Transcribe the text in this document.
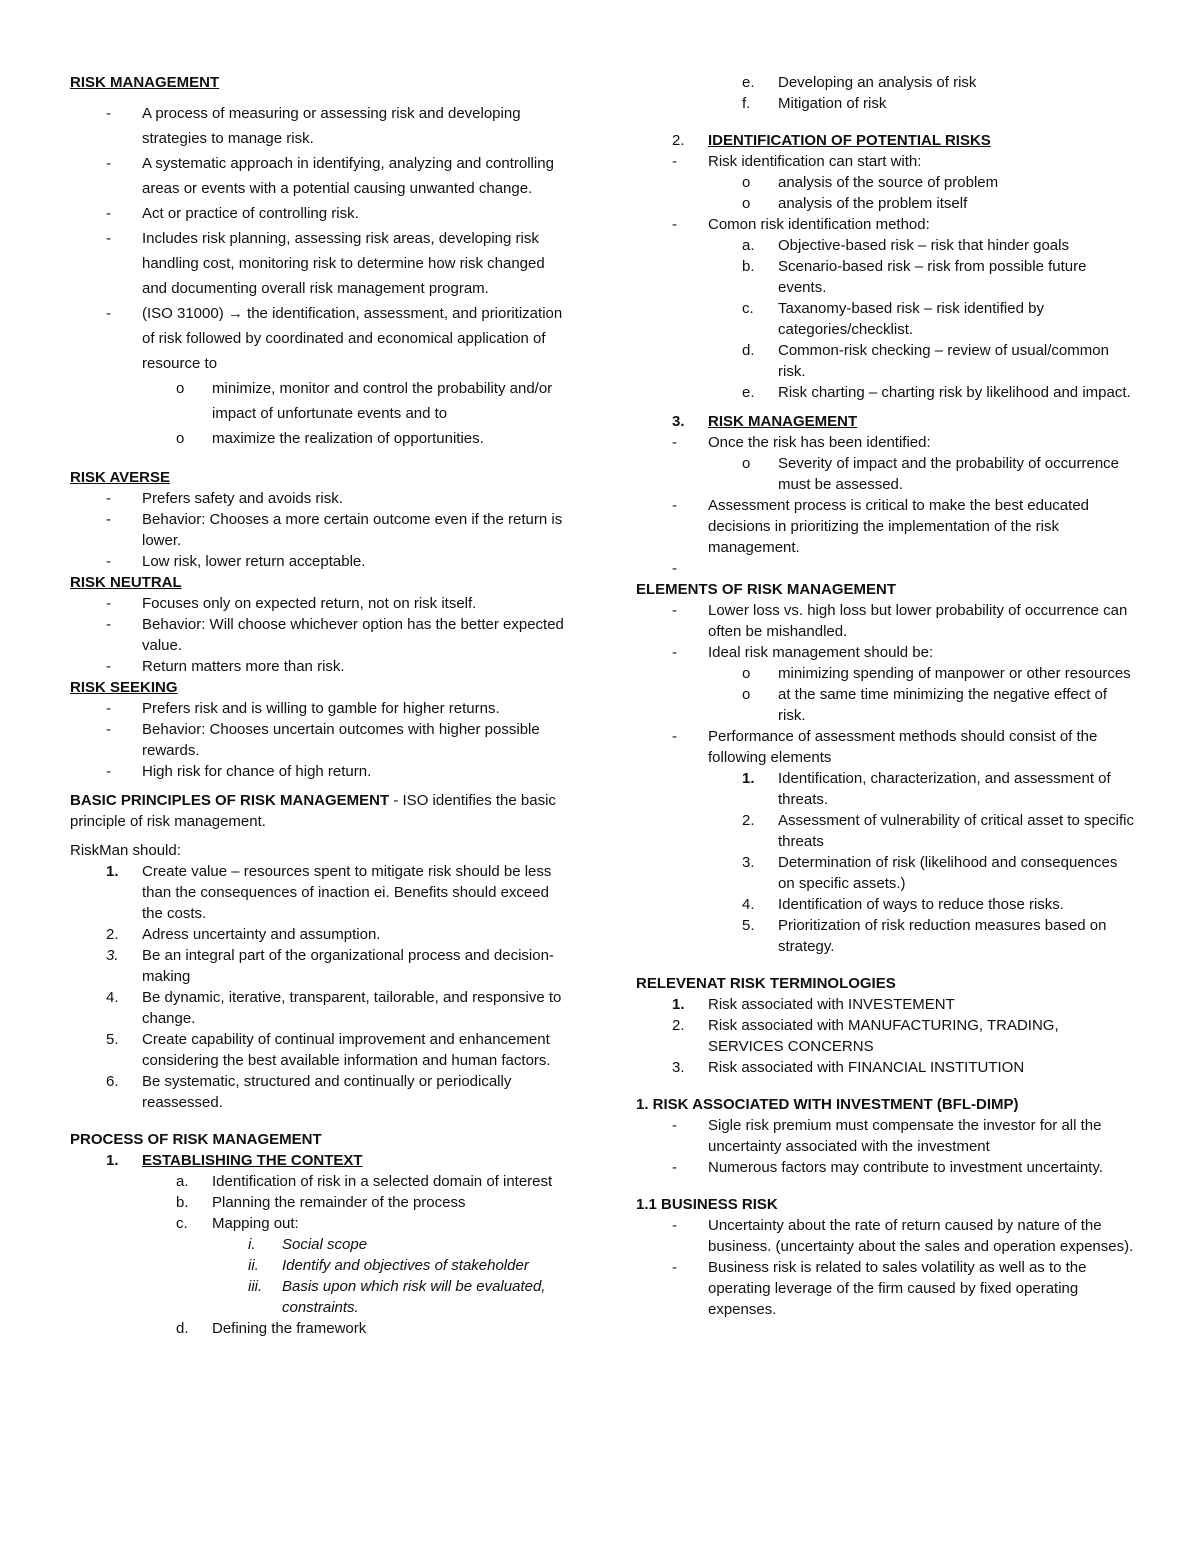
RISK MANAGEMENT
-	A process of measuring or assessing risk and developing strategies to manage risk.
-	A systematic approach in identifying, analyzing and controlling areas or events with a potential causing unwanted change.
-	Act or practice of controlling risk.
-	Includes risk planning, assessing risk areas, developing risk handling cost, monitoring risk to determine how risk changed and documenting overall risk management program.
-	(ISO 31000) → the identification, assessment, and prioritization of risk followed by coordinated and economical application of resource to
o	minimize, monitor and control the probability and/or impact of unfortunate events and to
o	maximize the realization of opportunities.
RISK AVERSE
-	Prefers safety and avoids risk.
-	Behavior: Chooses a more certain outcome even if the return is lower.
-	Low risk, lower return acceptable.
RISK NEUTRAL
-	Focuses only on expected return, not on risk itself.
-	Behavior: Will choose whichever option has the better expected value.
-	Return matters more than risk.
RISK SEEKING
-	Prefers risk and is willing to gamble for higher returns.
-	Behavior: Chooses uncertain outcomes with higher possible rewards.
-	High risk for chance of high return.
BASIC PRINCIPLES OF RISK MANAGEMENT - ISO identifies the basic principle of risk management.
RiskMan should:
1.	Create value – resources spent to mitigate risk should be less than the consequences of inaction ei. Benefits should exceed the costs.
2.	Adress uncertainty and assumption.
3.	Be an integral part of the organizational process and decision-making
4.	Be dynamic, iterative, transparent, tailorable, and responsive to change.
5.	Create capability of continual improvement and enhancement considering the best available information and human factors.
6.	Be systematic, structured and continually or periodically reassessed.
PROCESS OF RISK MANAGEMENT
1.	ESTABLISHING THE CONTEXT
a.	Identification of risk in a selected domain of interest
b.	Planning the remainder of the process
c.	Mapping out:
i.	Social scope
ii.	Identify and objectives of stakeholder
iii.	Basis upon which risk will be evaluated, constraints.
d.	Defining the framework
e.	Developing an analysis of risk
f.	Mitigation of risk
2.	IDENTIFICATION OF POTENTIAL RISKS
-	Risk identification can start with:
o	analysis of the source of problem
o	analysis of the problem itself
-	Comon risk identification method:
a.	Objective-based risk – risk that hinder goals
b.	Scenario-based risk – risk from possible future events.
c.	Taxanomy-based risk – risk identified by categories/checklist.
d.	Common-risk checking – review of usual/common risk.
e.	Risk charting – charting risk by likelihood and impact.
3.	RISK MANAGEMENT
-	Once the risk has been identified:
o	Severity of impact and the probability of occurrence must be assessed.
-	Assessment process is critical to make the best educated decisions in prioritizing the implementation of the risk management.
-

ELEMENTS OF RISK MANAGEMENT
-	Lower loss vs. high loss but lower probability of occurrence can often be mishandled.
-	Ideal risk management should be:
o	minimizing spending of manpower or other resources
o	at the same time minimizing the negative effect of risk.
-	Performance of assessment methods should consist of the following elements
1.	Identification, characterization, and assessment of threats.
2.	Assessment of vulnerability of critical asset to specific threats
3.	Determination of risk (likelihood and consequences on specific assets.)
4.	Identification of ways to reduce those risks.
5.	Prioritization of risk reduction measures based on strategy.
RELEVENAT RISK TERMINOLOGIES
1.	Risk associated with INVESTEMENT
2.	Risk associated with MANUFACTURING, TRADING, SERVICES CONCERNS
3.	Risk associated with FINANCIAL INSTITUTION
1. RISK ASSOCIATED WITH INVESTMENT (BFL-DIMP)
-	Sigle risk premium must compensate the investor for all the uncertainty associated with the investment
-	Numerous factors may contribute to investment uncertainty.
1.1 BUSINESS RISK
-	Uncertainty about the rate of return caused by nature of the business. (uncertainty about the sales and operation expenses).
-	Business risk is related to sales volatility as well as to the operating leverage of the firm caused by fixed operating expenses.
